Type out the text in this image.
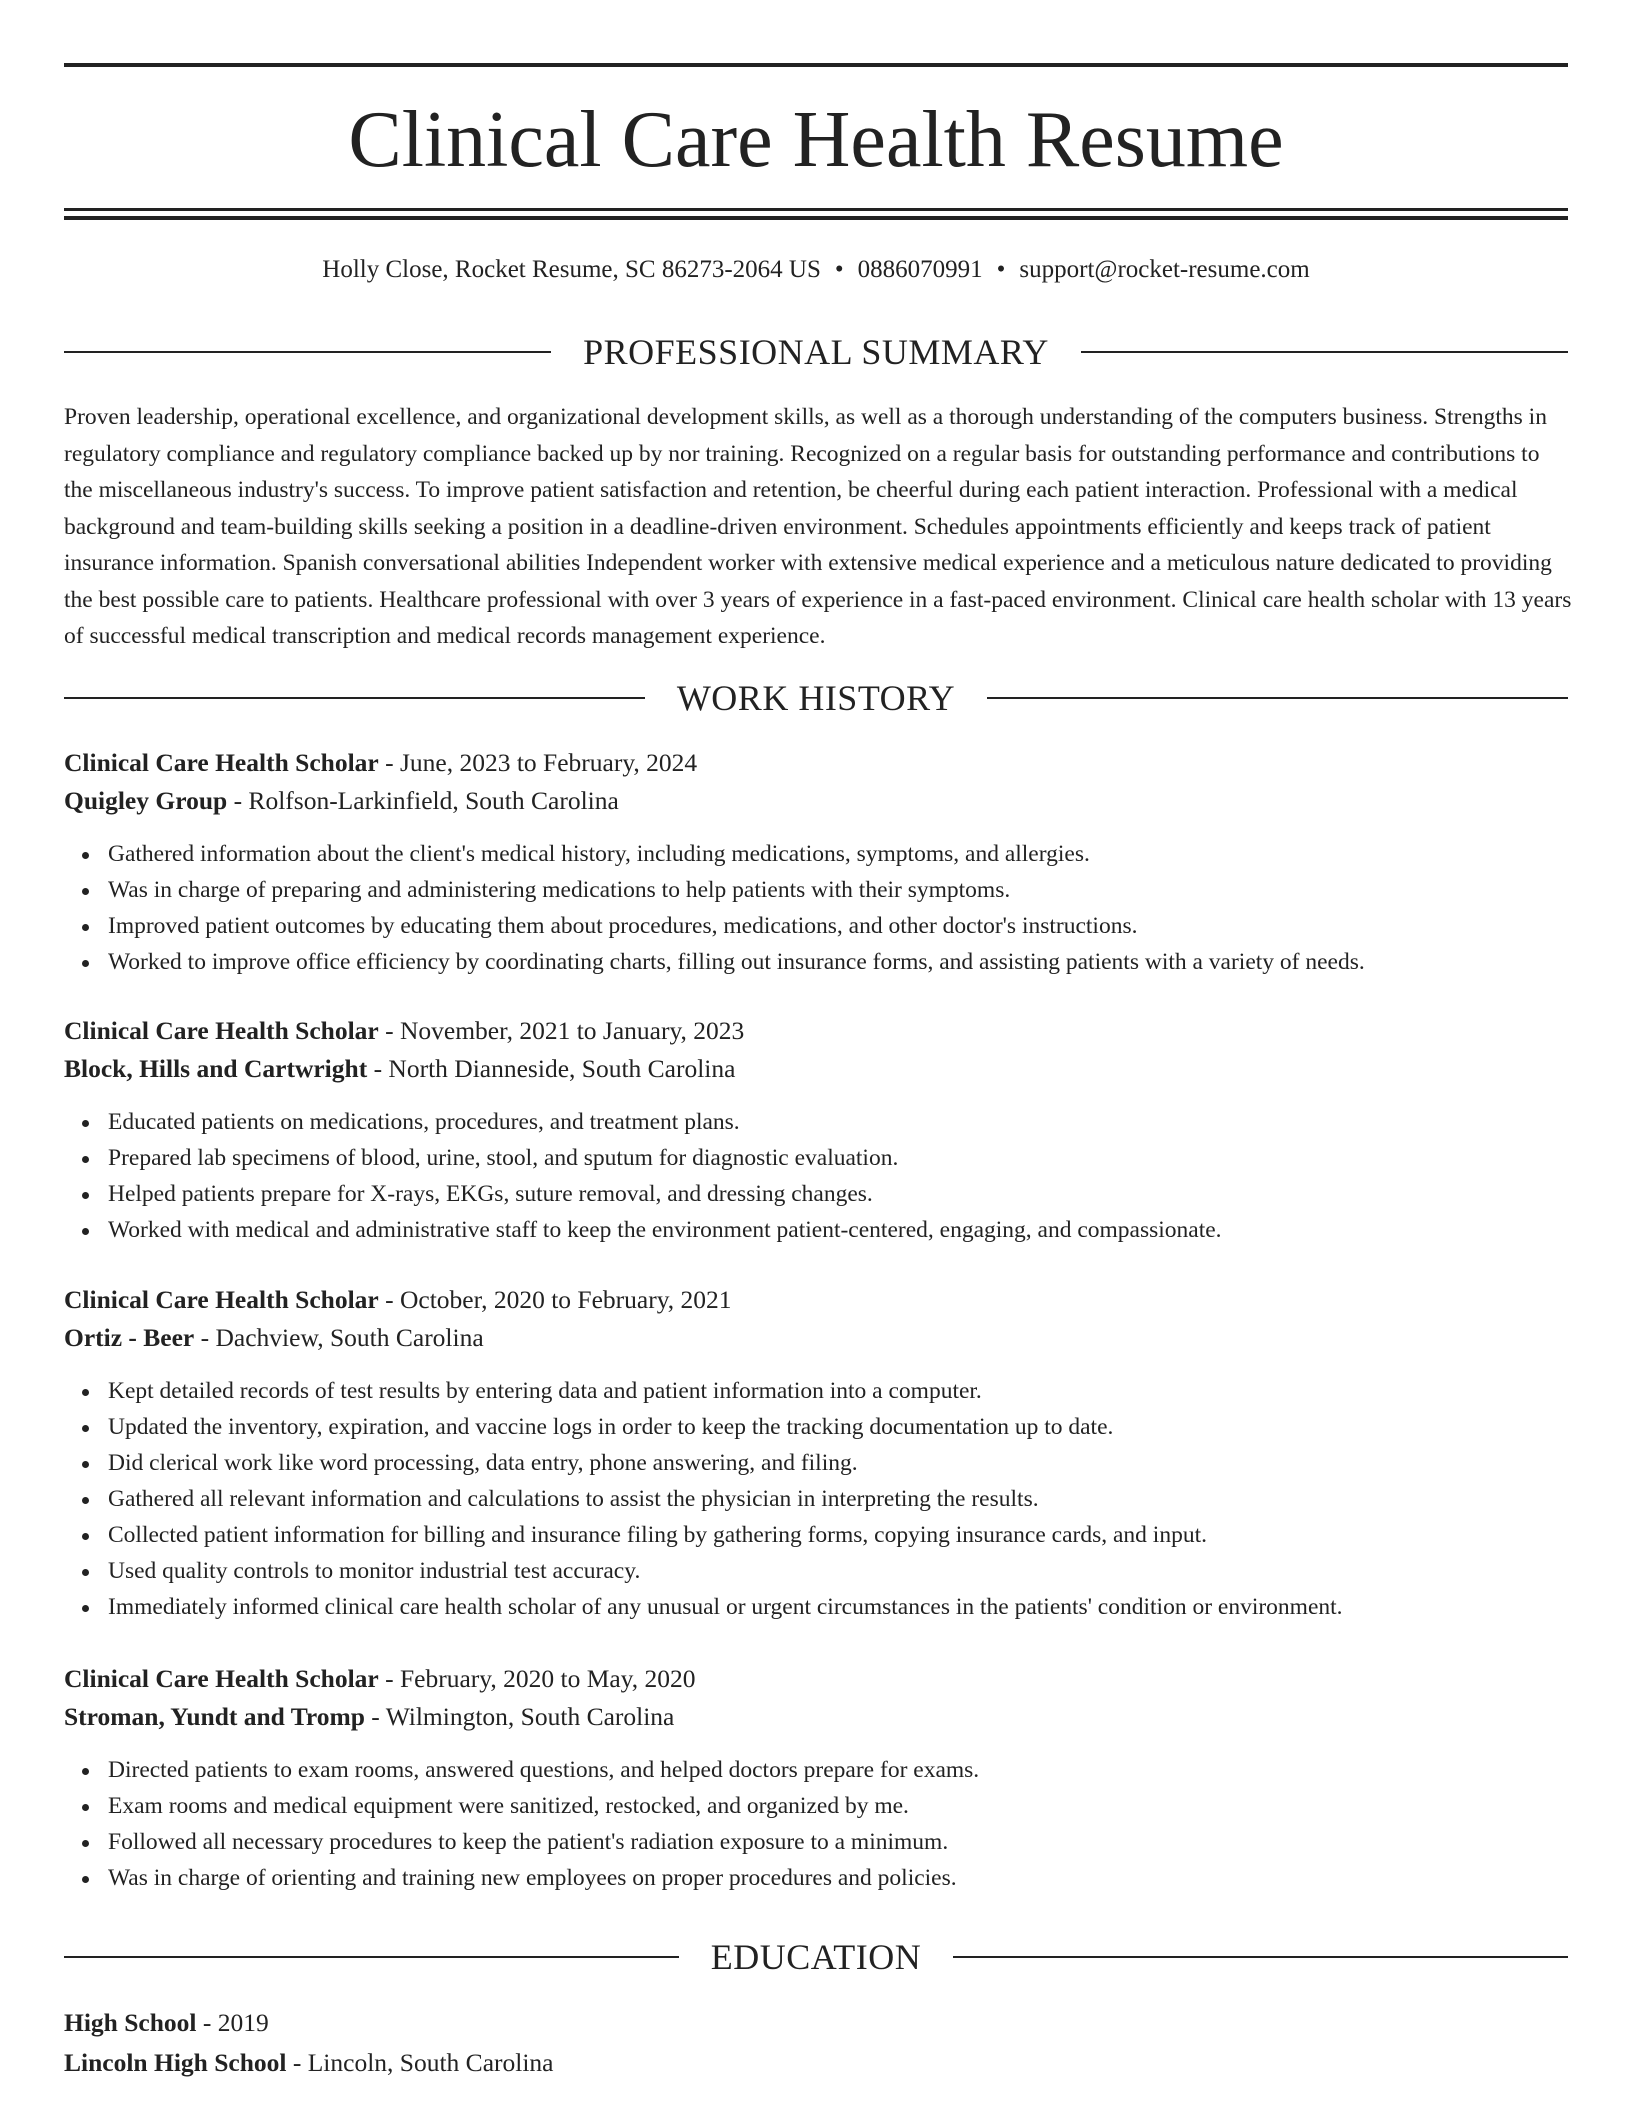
Clinical Care Health Resume
Holly Close, Rocket Resume, SC 86273-2064 US • 0886070991 • support@rocket-resume.com
PROFESSIONAL SUMMARY

Proven leadership, operational excellence, and organizational development skills, as well as a thorough understanding of the computers business. Strengths in regulatory compliance and regulatory compliance backed up by nor training. Recognized on a regular basis for outstanding performance and contributions to the miscellaneous industry's success. To improve patient satisfaction and retention, be cheerful during each patient interaction. Professional with a medical background and team-building skills seeking a position in a deadline-driven environment. Schedules appointments efficiently and keeps track of patient insurance information. Spanish conversational abilities Independent worker with extensive medical experience and a meticulous nature dedicated to providing the best possible care to patients. Healthcare professional with over 3 years of experience in a fast-paced environment. Clinical care health scholar with 13 years of successful medical transcription and medical records management experience.

WORK HISTORY
Clinical Care Health Scholar - June, 2023 to February, 2024
Quigley Group - Rolfson-Larkinfield, South Carolina
Gathered information about the client's medical history, including medications, symptoms, and allergies.
Was in charge of preparing and administering medications to help patients with their symptoms.
Improved patient outcomes by educating them about procedures, medications, and other doctor's instructions.
Worked to improve office efficiency by coordinating charts, filling out insurance forms, and assisting patients with a variety of needs.
Clinical Care Health Scholar - November, 2021 to January, 2023
Block, Hills and Cartwright - North Dianneside, South Carolina
Educated patients on medications, procedures, and treatment plans.
Prepared lab specimens of blood, urine, stool, and sputum for diagnostic evaluation.
Helped patients prepare for X-rays, EKGs, suture removal, and dressing changes.
Worked with medical and administrative staff to keep the environment patient-centered, engaging, and compassionate.
Clinical Care Health Scholar - October, 2020 to February, 2021
Ortiz - Beer - Dachview, South Carolina
Kept detailed records of test results by entering data and patient information into a computer.
Updated the inventory, expiration, and vaccine logs in order to keep the tracking documentation up to date.
Did clerical work like word processing, data entry, phone answering, and filing.
Gathered all relevant information and calculations to assist the physician in interpreting the results.
Collected patient information for billing and insurance filing by gathering forms, copying insurance cards, and input.
Used quality controls to monitor industrial test accuracy.
Immediately informed clinical care health scholar of any unusual or urgent circumstances in the patients' condition or environment.
Clinical Care Health Scholar - February, 2020 to May, 2020
Stroman, Yundt and Tromp - Wilmington, South Carolina
Directed patients to exam rooms, answered questions, and helped doctors prepare for exams.
Exam rooms and medical equipment were sanitized, restocked, and organized by me.
Followed all necessary procedures to keep the patient's radiation exposure to a minimum.
Was in charge of orienting and training new employees on proper procedures and policies.
EDUCATION
High School - 2019
Lincoln High School - Lincoln, South Carolina
